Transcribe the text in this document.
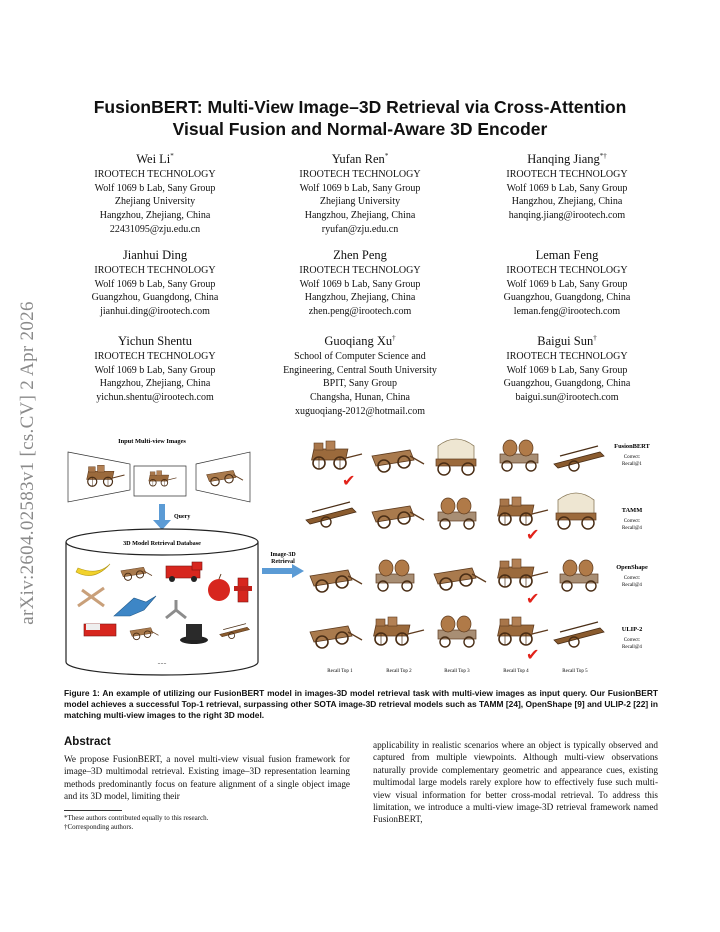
arXiv:2604.02583v1 [cs.CV] 2 Apr 2026
FusionBERT: Multi-View Image–3D Retrieval via Cross-Attention
Visual Fusion and Normal-Aware 3D Encoder
Wei Li*
IROOTECH TECHNOLOGY
Wolf 1069 b Lab, Sany Group
Zhejiang University
Hangzhou, Zhejiang, China
22431095@zju.edu.cn
Yufan Ren*
IROOTECH TECHNOLOGY
Wolf 1069 b Lab, Sany Group
Zhejiang University
Hangzhou, Zhejiang, China
ryufan@zju.edu.cn
Hanqing Jiang*†
IROOTECH TECHNOLOGY
Wolf 1069 b Lab, Sany Group
Hangzhou, Zhejiang, China
hanqing.jiang@irootech.com
Jianhui Ding
IROOTECH TECHNOLOGY
Wolf 1069 b Lab, Sany Group
Guangzhou, Guangdong, China
jianhui.ding@irootech.com
Zhen Peng
IROOTECH TECHNOLOGY
Wolf 1069 b Lab, Sany Group
Hangzhou, Zhejiang, China
zhen.peng@irootech.com
Leman Feng
IROOTECH TECHNOLOGY
Wolf 1069 b Lab, Sany Group
Guangzhou, Guangdong, China
leman.feng@irootech.com
Yichun Shentu
IROOTECH TECHNOLOGY
Wolf 1069 b Lab, Sany Group
Hangzhou, Zhejiang, China
yichun.shentu@irootech.com
Guoqiang Xu†
School of Computer Science and
Engineering, Central South University
BPIT, Sany Group
Changsha, Hunan, China
xuguoqiang-2012@hotmail.com
Baigui Sun†
IROOTECH TECHNOLOGY
Wolf 1069 b Lab, Sany Group
Guangzhou, Guangdong, China
baigui.sun@irootech.com
Input Multi-view Images
Query
3D Model Retrieval Database
......
Image-3D
Retrieval
✔
✔
✔
✔
FusionBERT
Correct:
Recall@1
TAMM
Correct:
Recall@4
OpenShape
Correct:
Recall@4
ULIP-2
Correct:
Recall@4
Recall Top 1	Recall Top 2	Recall Top 3	Recall Top 4	Recall Top 5
Figure 1: An example of utilizing our FusionBERT model in images-3D model retrieval task with multi-view images as input query. Our FusionBERT model achieves a successful Top-1 retrieval, surpassing other SOTA image-3D retrieval models such as TAMM [24], OpenShape [9] and ULIP-2 [22] in matching multi-view images to the right 3D model.
Abstract
We propose FusionBERT, a novel multi-view visual fusion framework for image–3D multimodal retrieval. Existing image–3D representation learning methods predominantly focus on feature alignment of a single object image and its 3D model, limiting their
applicability in realistic scenarios where an object is typically observed and captured from multiple viewpoints. Although multi-view observations naturally provide complementary geometric and appearance cues, existing multimodal large models rarely explore how to effectively fuse such multi-view visual information for better cross-modal retrieval. To address this limitation, we introduce a multi-view image-3D retrieval framework named FusionBERT,
*These authors contributed equally to this research.
†Corresponding authors.
